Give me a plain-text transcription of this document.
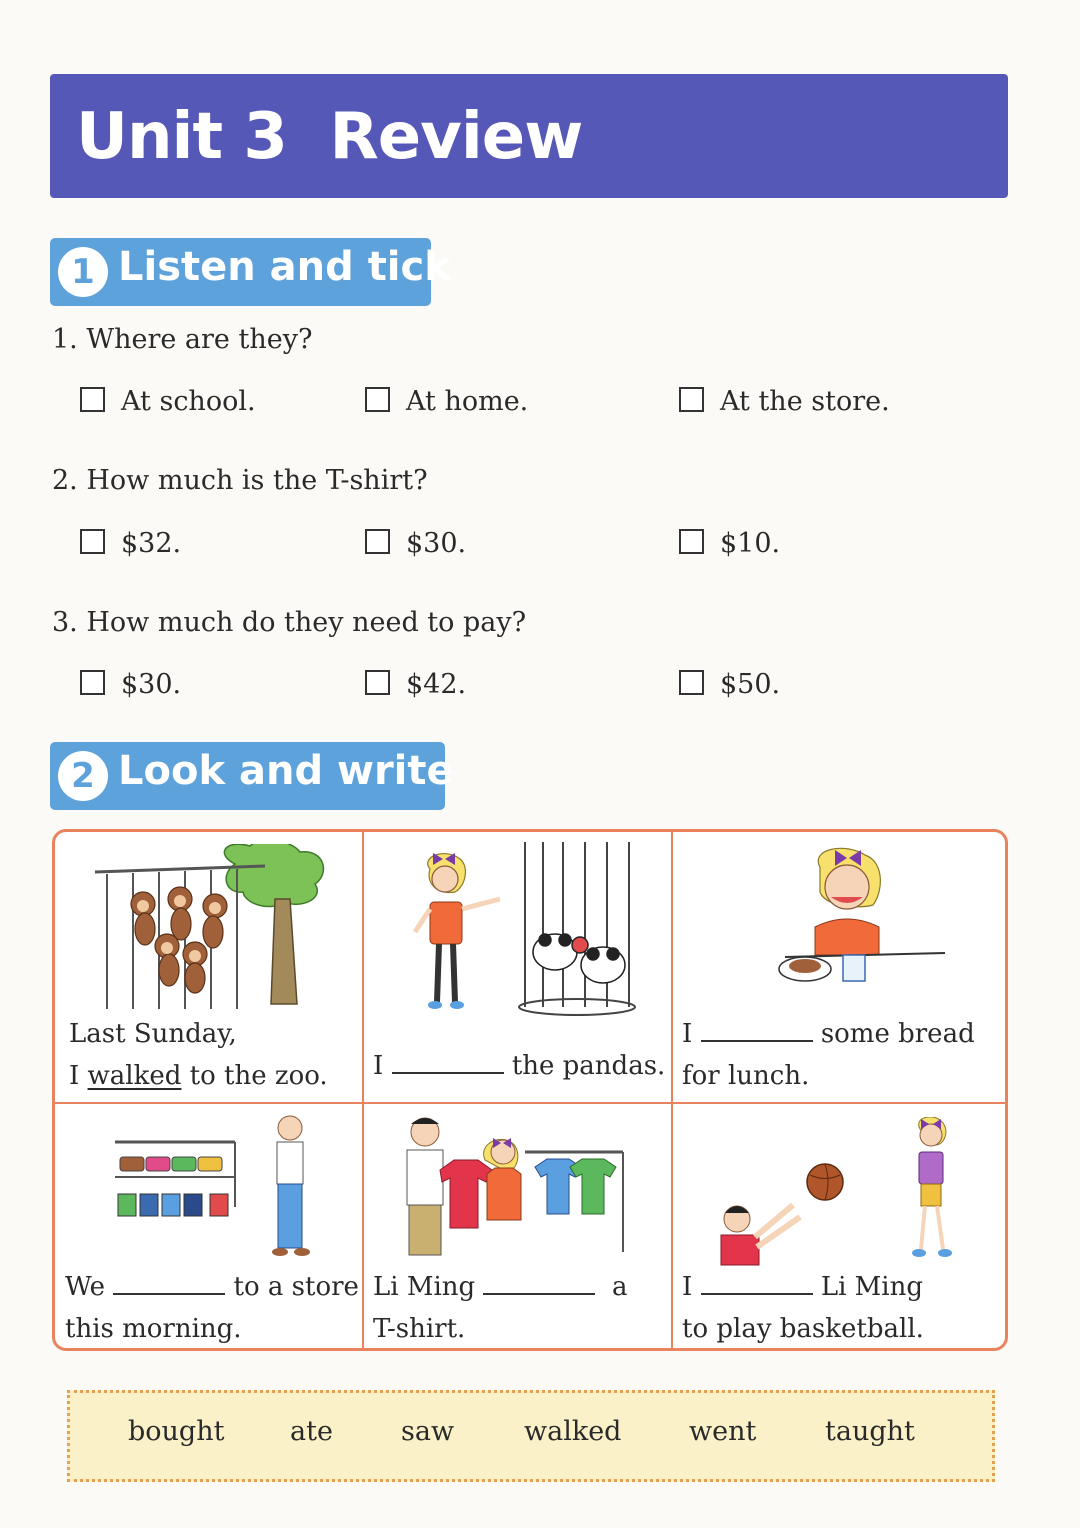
Unit 3  Review
1 Listen and tick
1. Where are they?
At school.	At home.	At the store.
2. How much is the T-shirt?
$32.	$30.	$10.
3. How much do they need to pay?
$30.	$42.	$50.
2 Look and write
Last Sunday,
I walked to the zoo. I	the pandas.
I	some bread
for lunch.
We	to a store
this morning.
Li Ming	a
T-shirt.
I	Li Ming
to play basketball.
bought ate	saw	walked	went	taught
